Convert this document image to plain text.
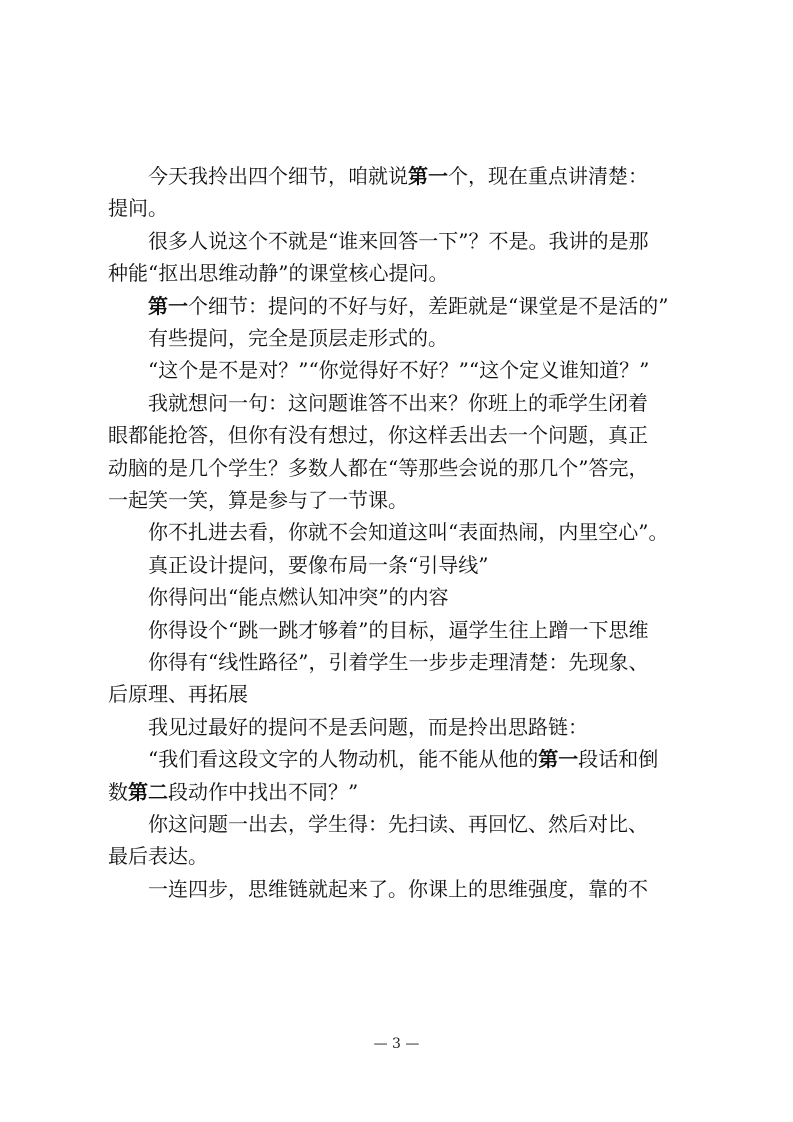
　　今天我拎出四个细节，咱就说第一个，现在重点讲清楚：
提问。
　　很多人说这个不就是“谁来回答一下”？不是。我讲的是那
种能“抠出思维动静”的课堂核心提问。
　　第一个细节：提问的不好与好，差距就是“课堂是不是活的”
　　有些提问，完全是顶层走形式的。
　　“这个是不是对？”“你觉得好不好？”“这个定义谁知道？”
　　我就想问一句：这问题谁答不出来？你班上的乖学生闭着
眼都能抢答，但你有没有想过，你这样丢出去一个问题，真正
动脑的是几个学生？多数人都在“等那些会说的那几个”答完，
一起笑一笑，算是参与了一节课。
　　你不扎进去看，你就不会知道这叫“表面热闹，内里空心”。
　　真正设计提问，要像布局一条“引导线”
　　你得问出“能点燃认知冲突”的内容
　　你得设个“跳一跳才够着”的目标，逼学生往上蹭一下思维
　　你得有“线性路径”，引着学生一步步走理清楚：先现象、
后原理、再拓展
　　我见过最好的提问不是丢问题，而是拎出思路链：
　　“我们看这段文字的人物动机，能不能从他的第一段话和倒
数第二段动作中找出不同？”
　　你这问题一出去，学生得：先扫读、再回忆、然后对比、
最后表达。
　　一连四步，思维链就起来了。你课上的思维强度，靠的不
— 3 —
